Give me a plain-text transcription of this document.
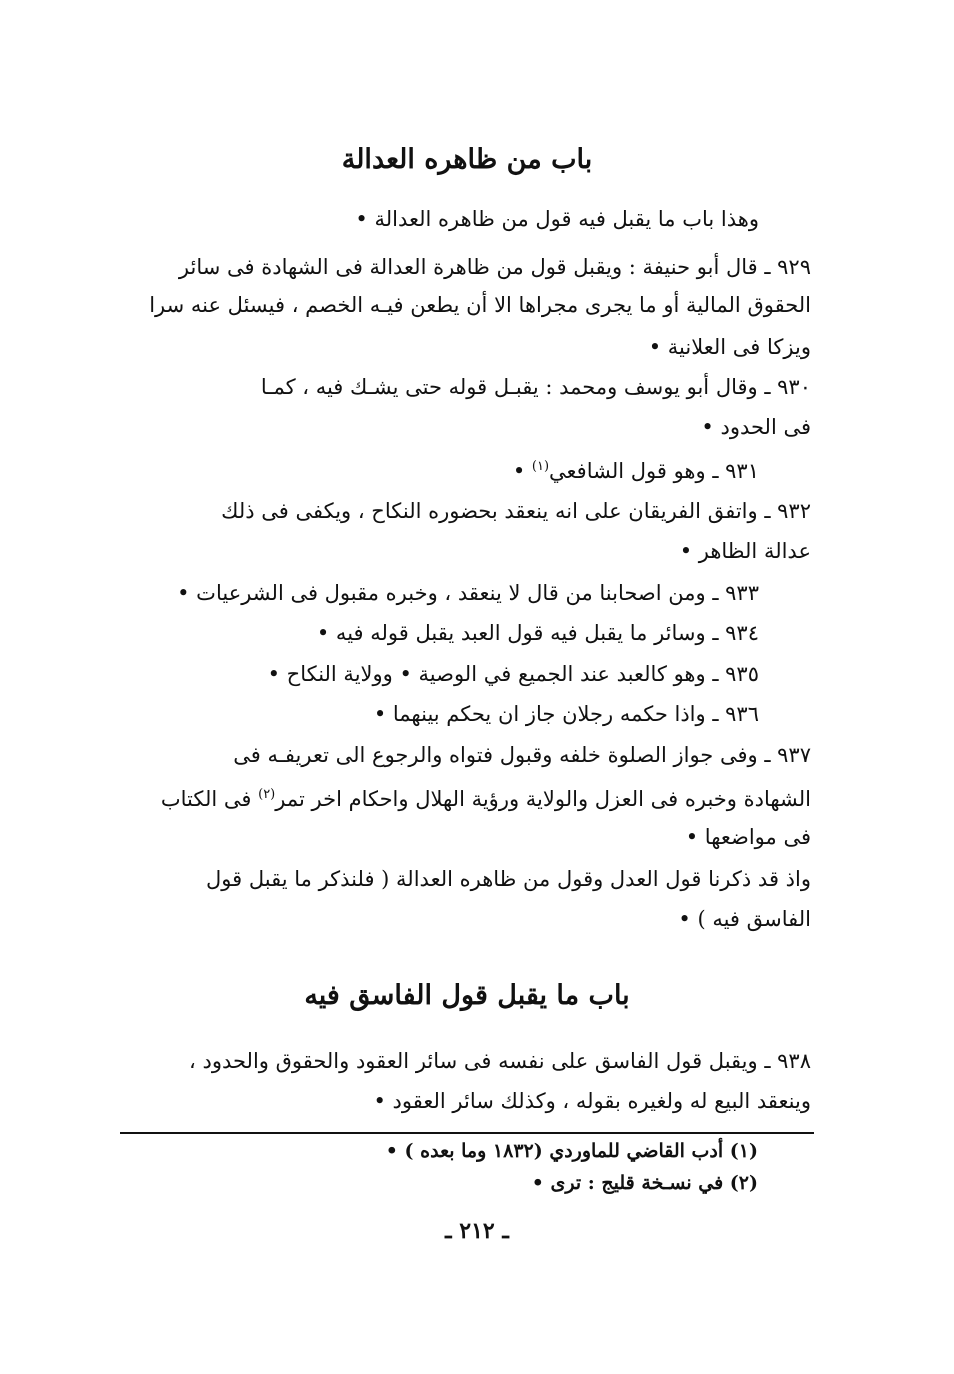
باب من ظاهره العدالة

وهذا باب ما يقبل فيه قول من ظاهره العدالة •

٩٢٩ ـ قال أبو حنيفة : ويقبل قول من ظاهرة العدالة فى الشهادة فى سائر

الحقوق المالية أو ما يجرى مجراها الا أن يطعن فيـه الخصم ، فيسئل عنه سرا

ويزكا فى العلانية •

٩٣٠ ـ وقال أبو يوسف ومحمد : يقبـل قوله حتى يشـك فيه ، كمـا

فى الحدود •

٩٣١ ـ وهو قول الشافعي$^{(١)}$ •

٩٣٢ ـ واتفق الفريقان على انه ينعقد بحضوره النكاح ، ويكفى فى ذلك

عدالة الظاهر •

٩٣٣ ـ ومن اصحابنا من قال لا ينعقد ، وخبره مقبول فى الشرعيات •

٩٣٤ ـ وسائر ما يقبل فيه قول العبد يقبل قوله فيه •

٩٣٥ ـ وهو كالعبد عند الجميع في الوصية • وولاية النكاح •

٩٣٦ ـ واذا حكمه رجلان جاز ان يحكم بينهما •

٩٣٧ ـ وفى جواز الصلوة خلفه وقبول فتواه والرجوع الى تعريفـه فى

الشهادة وخبره فى العزل والولاية ورؤية الهلال واحكام اخر تمر$^{(٢)}$ فى الكتاب

فى مواضعها •

واذ قد ذكرنا قول العدل وقول من ظاهره العدالة ( فلنذكر ما يقبل قول

الفاسق فيه ) •

باب ما يقبل قول الفاسق فيه

٩٣٨ ـ ويقبل قول الفاسق على نفسه فى سائر العقود والحقوق والحدود ،

وينعقد البيع له ولغيره بقوله ، وكذلك سائر العقود •

(١) أدب القاضي للماوردي (١٨٣٢ وما بعده ) •

(٢) في نسـخة قليج : ترى •

ـ ٢١٢ ـ
